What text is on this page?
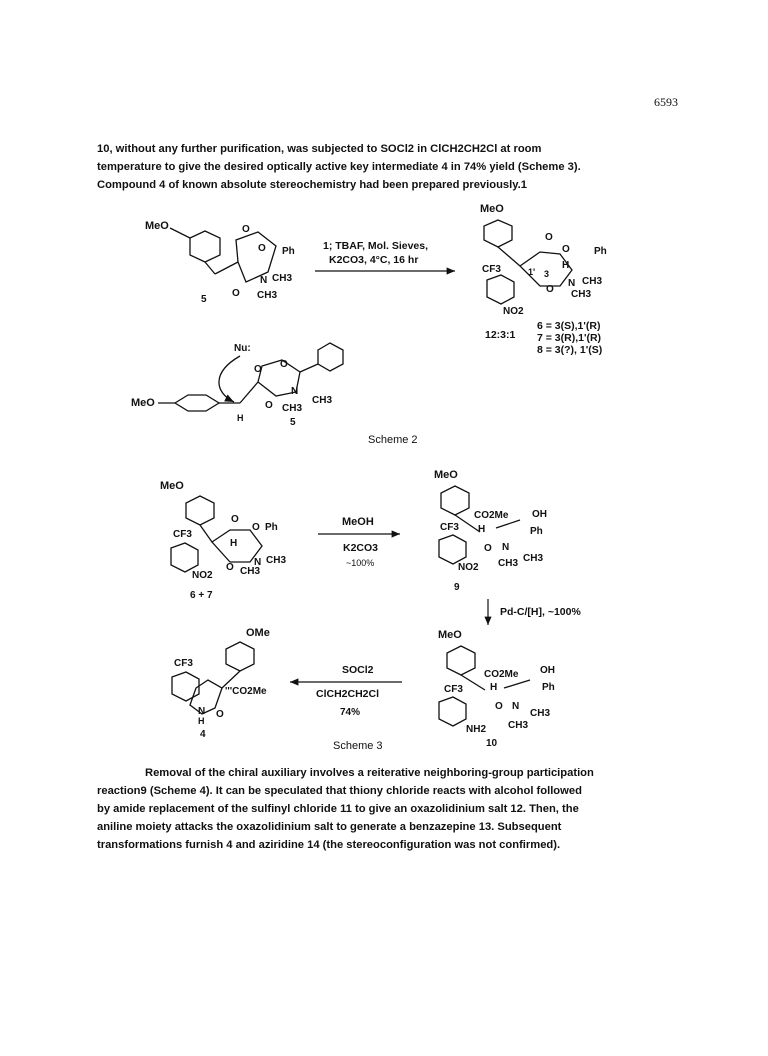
6593
10, without any further purification, was subjected to SOCl2 in ClCH2CH2Cl at room
temperature to give the desired optically active key intermediate 4 in 74% yield (Scheme 3).
Compound 4 of known absolute stereochemistry had been prepared previously.1
MeO	O
O Ph
N CH3
O CH3
5
1; TBAF, Mol. Sieves,
K2CO3, 4°C, 16 hr
MeO
O
O Ph
H
1' 3
N CH3
O CH3
CF3
NO2
12:3:1
6 = 3(S),1'(R)
7 = 3(R),1'(R)
8 = 3(?), 1'(S)
Nu:
MeO
H
O O
N
CH3
O CH3
5
Scheme 2
MeO
O
O Ph
H
N CH3
O CH3
CF3
NO2
6 + 7
MeOH
K2CO3
~100%
MeO
CO2Me
H
OH
Ph
N
CH3
O
CH3
CF3
NO2
9
Pd-C/[H], ~100%
MeO
CO2Me
H
OH
Ph
N
CH3
O
CH3
CF3
NH2
10
SOCl2
ClCH2CH2Cl
74%
OMe
'''CO2Me
CF3
N
H
O
4
Scheme 3
Removal of the chiral auxiliary involves a reiterative neighboring-group participation
reaction9 (Scheme 4). It can be speculated that thiony chloride reacts with alcohol followed
by amide replacement of the sulfinyl chloride 11 to give an oxazolidinium salt 12. Then, the
aniline moiety attacks the oxazolidinium salt to generate a benzazepine 13. Subsequent
transformations furnish 4 and aziridine 14 (the stereoconfiguration was not confirmed).
